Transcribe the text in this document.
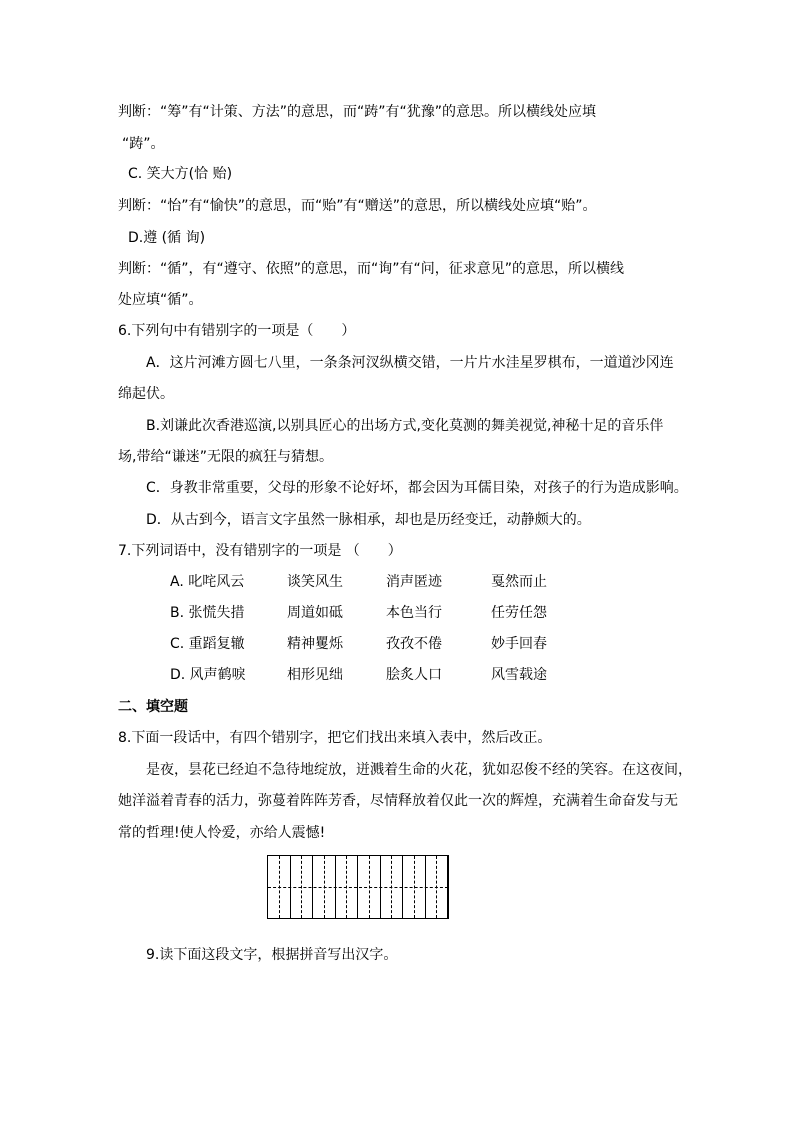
判断：“筹”有“计策、方法”的意思，而“踌”有“犹豫”的意思。所以横线处应填
“踌”。
C. 笑大方(恰 贻)
判断：“怡”有“愉快”的意思，而“贻”有“赠送”的意思，所以横线处应填“贻”。
D.遵 (循 询)
判断：“循”，有“遵守、依照”的意思，而“询”有“问，征求意见”的意思，所以横线
处应填“循”。
6.下列句中有错别字的一项是（　　）
A．这片河滩方圆七八里，一条条河汊纵横交错，一片片水洼星罗棋布，一道道沙冈连
绵起伏。
B.刘谦此次香港巡演,以别具匠心的出场方式,变化莫测的舞美视觉,神秘十足的音乐伴
场,带给“谦迷”无限的疯狂与猜想。
C．身教非常重要，父母的形象不论好坏，都会因为耳儒目染，对孩子的行为造成影响。
D．从古到今，语言文字虽然一脉相承，却也是历经变迁，动静颇大的。
7.下列词语中，没有错别字的一项是 （　　）
A. 叱咤风云	谈笑风生	消声匿迹	戛然而止
B. 张慌失措	周道如砥	本色当行	任劳任怨
C. 重蹈复辙	精神矍烁	孜孜不倦	妙手回春
D. 风声鹤唳	相形见绌	脍炙人口	风雪载途
二、填空题
8.下面一段话中，有四个错别字，把它们找出来填入表中，然后改正。
是夜，昙花已经迫不急待地绽放，迸溅着生命的火花，犹如忍俊不经的笑容。在这夜间，
她洋溢着青春的活力，弥蔓着阵阵芳香，尽情释放着仅此一次的辉煌，充满着生命奋发与无
常的哲理!使人怜爱，亦给人震憾!
9.读下面这段文字，根据拼音写出汉字。
